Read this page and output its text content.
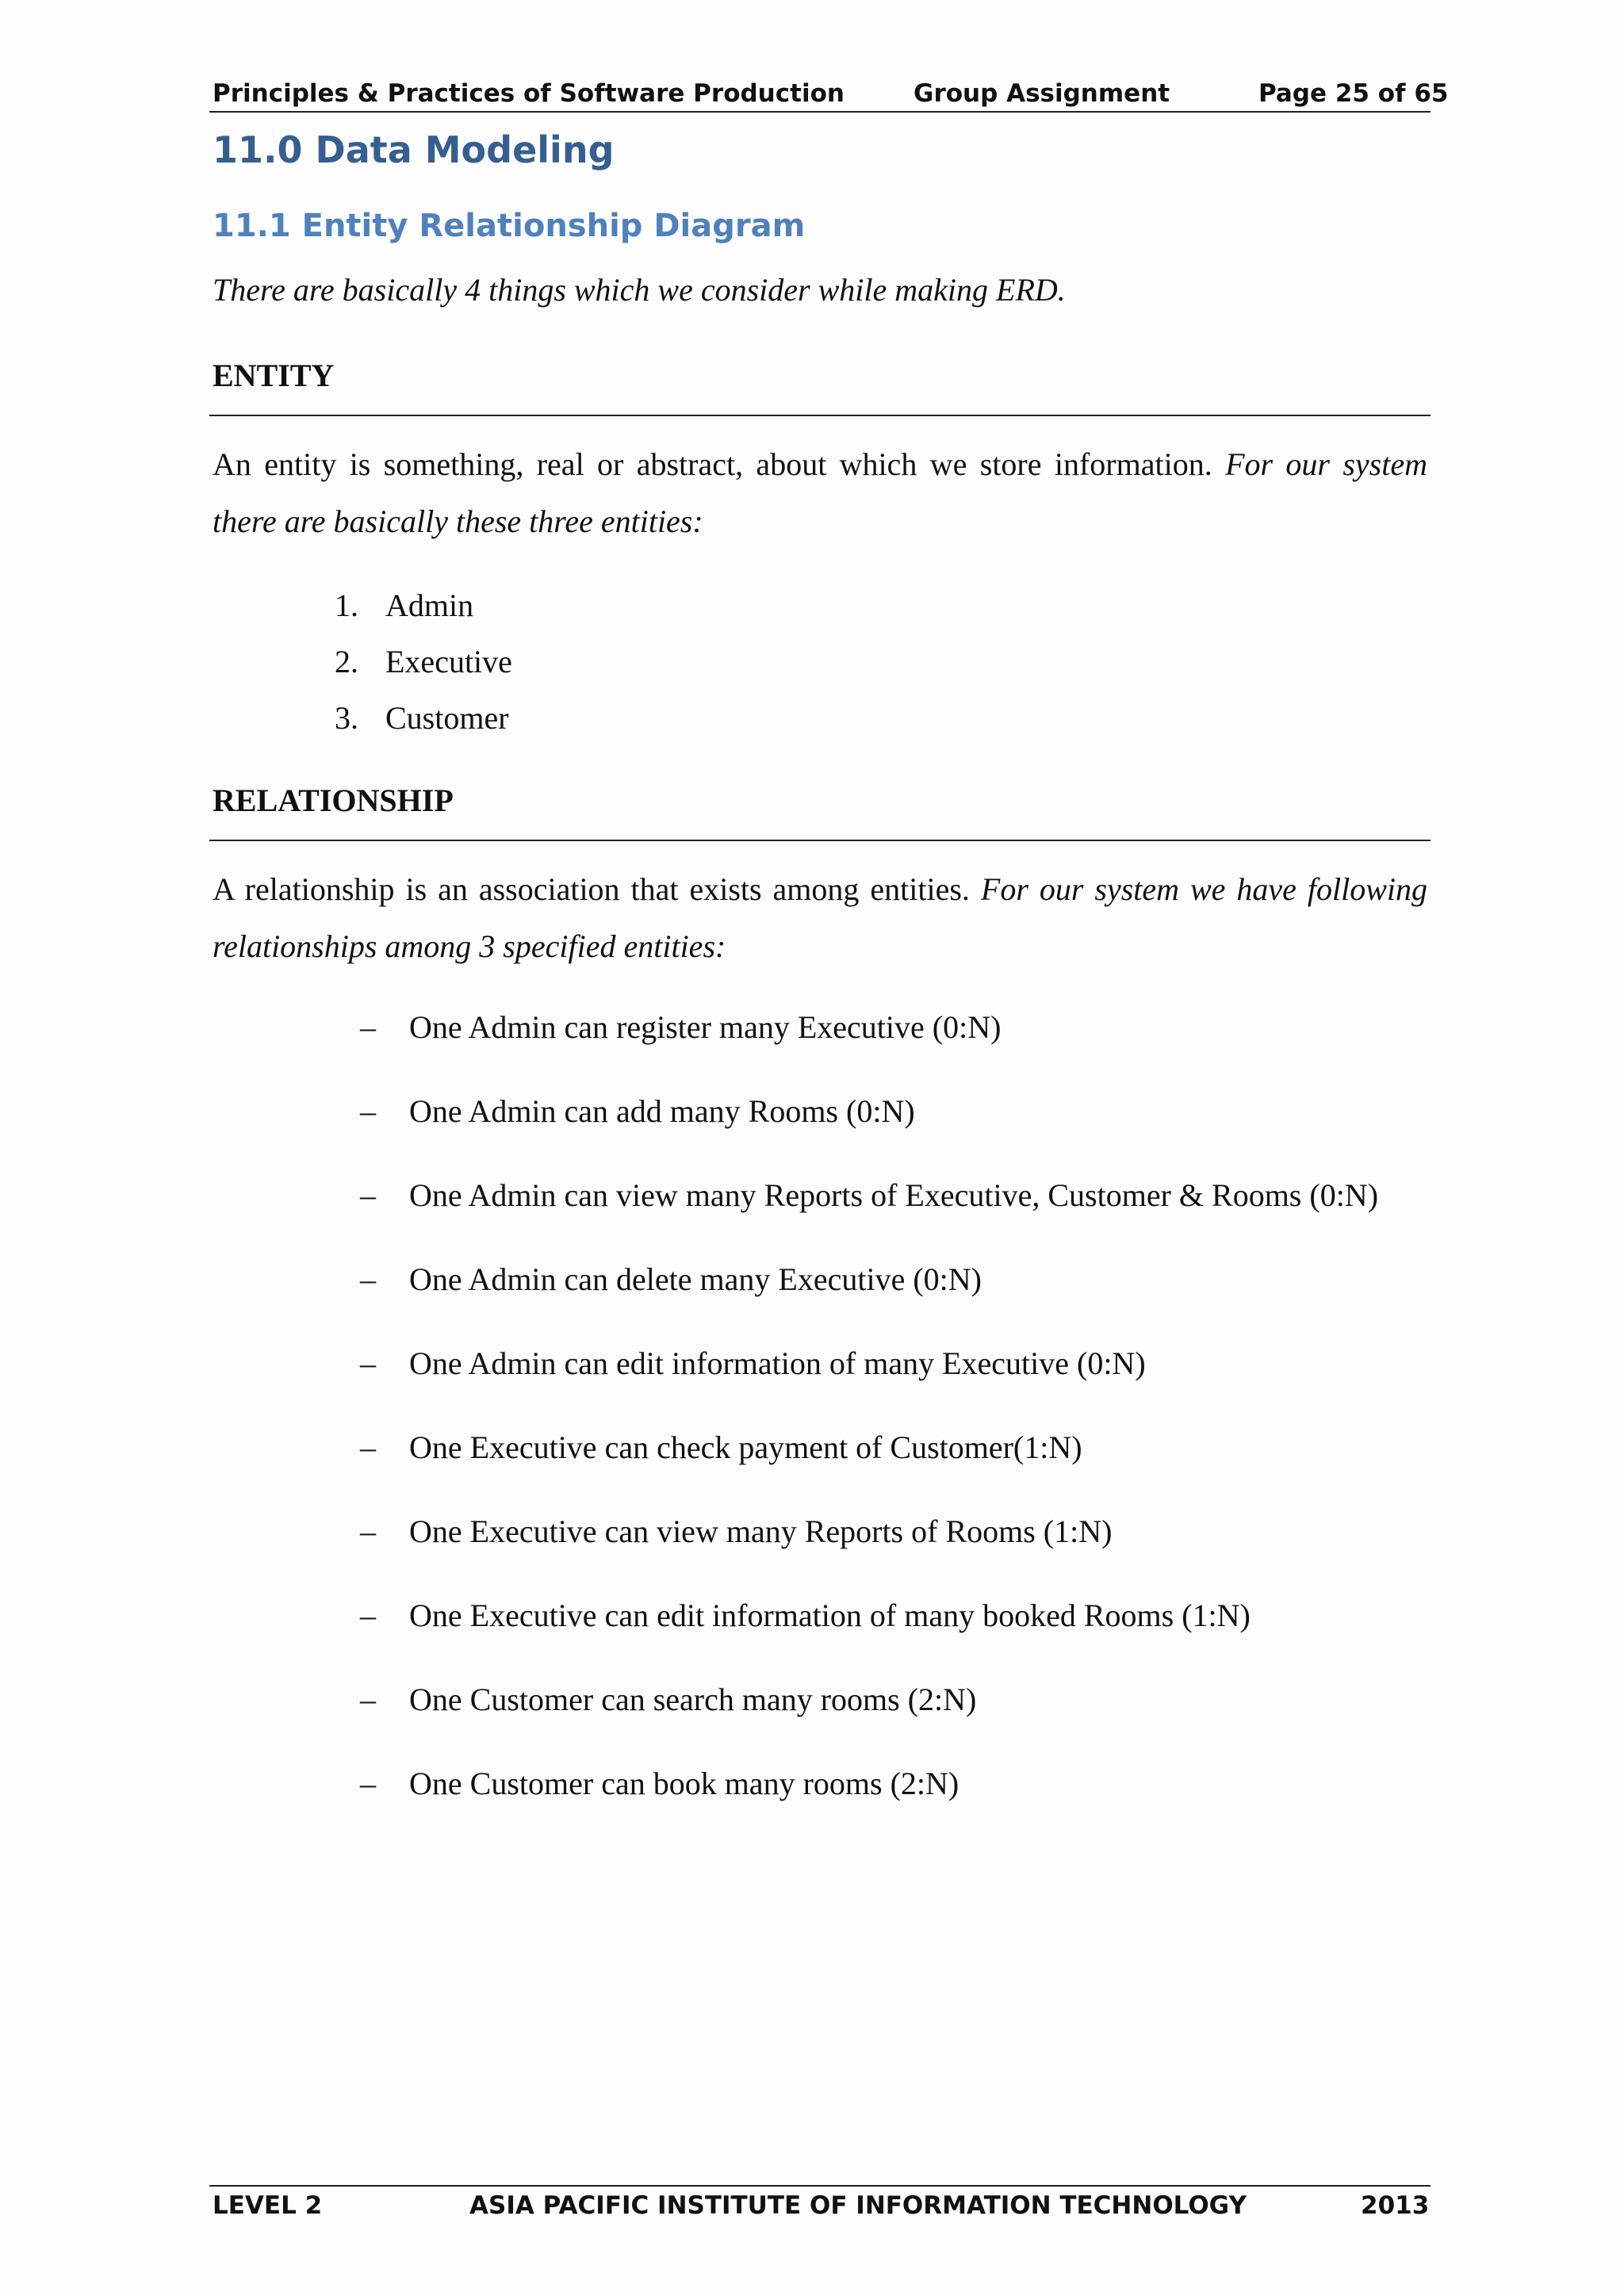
Principles & Practices of Software Production	Group Assignment	Page 25 of 65
11.0 Data Modeling
11.1 Entity Relationship Diagram
There are basically 4 things which we consider while making ERD.
ENTITY
An entity is something, real or abstract, about which we store information. For our system there are basically these three entities:
1. Admin
2. Executive
3. Customer
RELATIONSHIP
A relationship is an association that exists among entities. For our system we have following relationships among 3 specified entities:
– One Admin can register many Executive (0:N)
– One Admin can add many Rooms (0:N)
– One Admin can view many Reports of Executive, Customer & Rooms (0:N)
– One Admin can delete many Executive (0:N)
– One Admin can edit information of many Executive (0:N)
– One Executive can check payment of Customer(1:N)
– One Executive can view many Reports of Rooms (1:N)
– One Executive can edit information of many booked Rooms (1:N)
– One Customer can search many rooms (2:N)
– One Customer can book many rooms (2:N)
LEVEL 2	ASIA PACIFIC INSTITUTE OF INFORMATION TECHNOLOGY	2013
